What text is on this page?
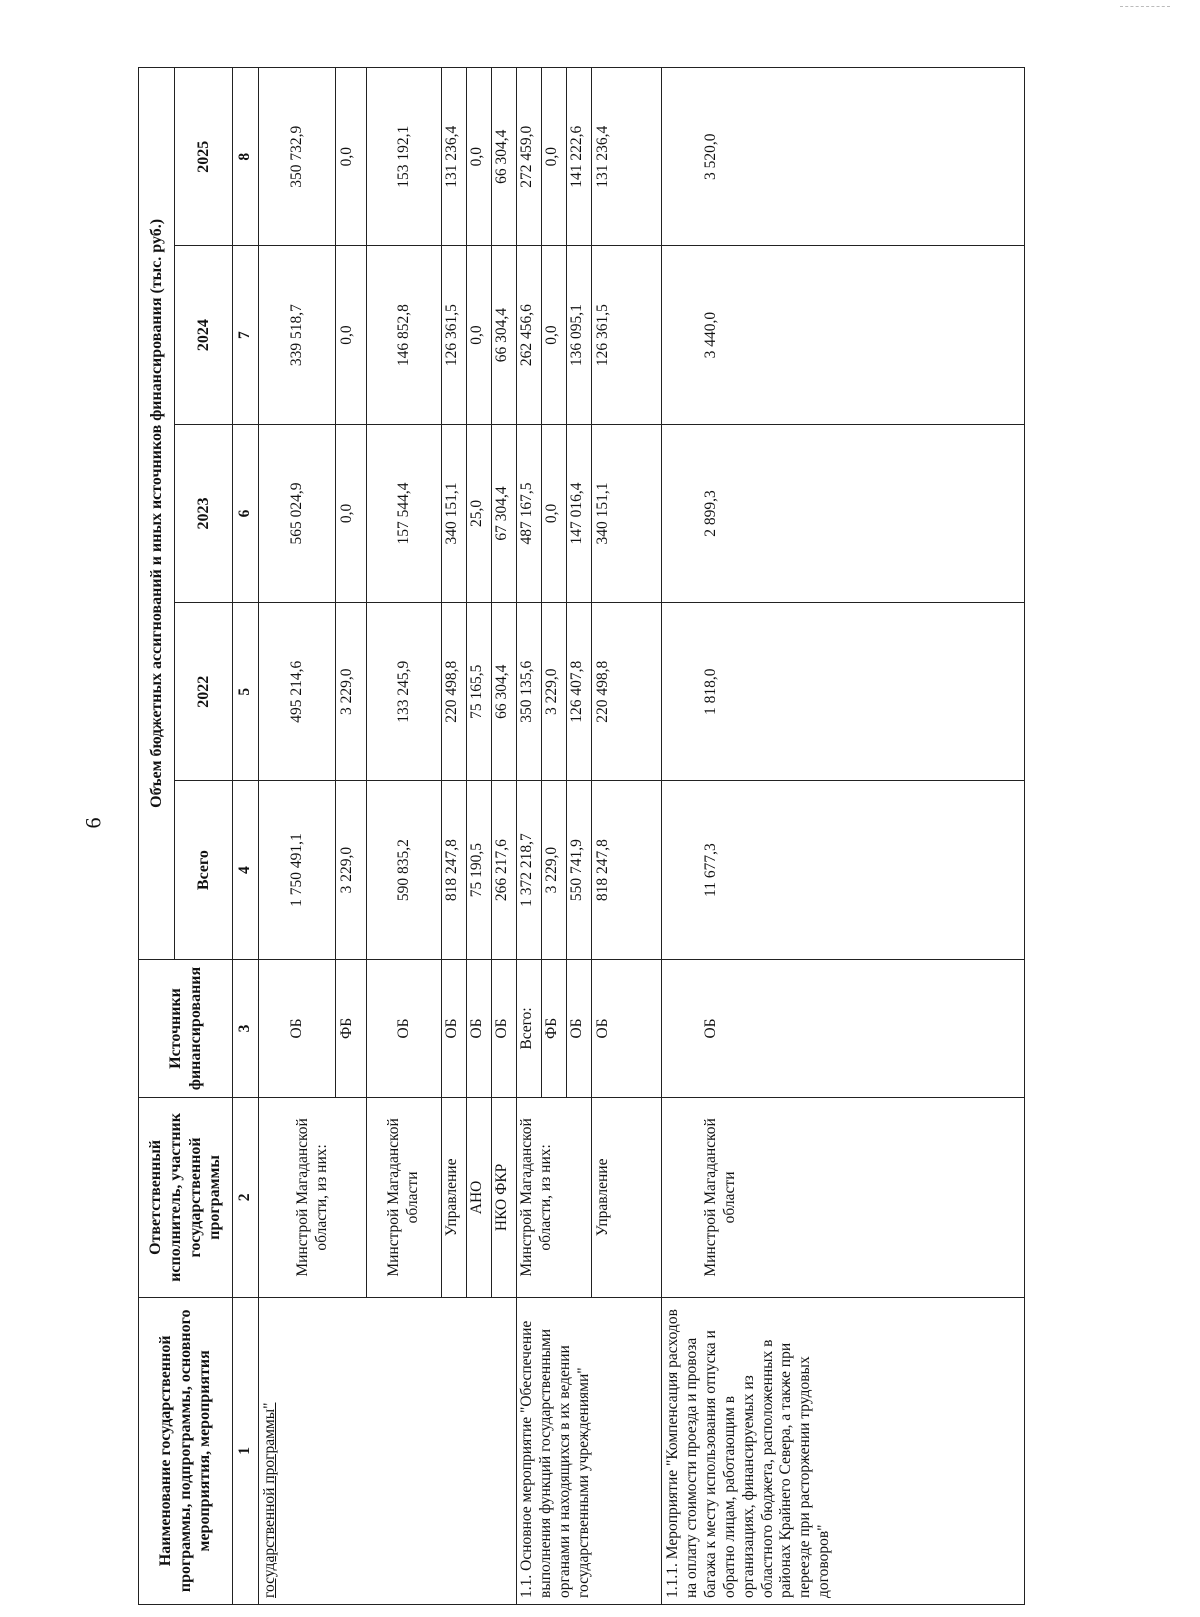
6
Наименование государственной программы, подпрограммы, основного мероприятия, мероприятия	Ответственный исполнитель, участник государственной программы	Источники финансирования	Объем бюджетных ассигнований и иных источников финансирования (тыс. руб.)				
			Всего	2022	2023	2024	2025
1	2	3	4	5	6	7	8
государственной программы"	Минстрой Магаданской области, из них:	ОБ	1 750 491,1	495 214,6	565 024,9	339 518,7	350 732,9
		ФБ	3 229,0	3 229,0	0,0	0,0	0,0
	Минстрой Магаданской области	ОБ	590 835,2	133 245,9	157 544,4	146 852,8	153 192,1
	Управление	ОБ	818 247,8	220 498,8	340 151,1	126 361,5	131 236,4
	АНО	ОБ	75 190,5	75 165,5	25,0	0,0	0,0
	НКО ФКР	ОБ	266 217,6	66 304,4	67 304,4	66 304,4	66 304,4
1.1. Основное мероприятие "Обеспечение выполнения функций государственными органами и находящихся в их ведении государственными учреждениями"	Минстрой Магаданской области, из них:	Всего:	1 372 218,7	350 135,6	487 167,5	262 456,6	272 459,0
		ФБ	3 229,0	3 229,0	0,0	0,0	0,0
		ОБ	550 741,9	126 407,8	147 016,4	136 095,1	141 222,6
	Управление	ОБ	818 247,8	220 498,8	340 151,1	126 361,5	131 236,4
1.1.1. Мероприятие "Компенсация расходов на оплату стоимости проезда и провоза багажа к месту использования отпуска и обратно лицам, работающим в организациях, финансируемых из областного бюджета, расположенных в районах Крайнего Севера, а также при переезде при расторжении трудовых договоров"	Минстрой Магаданской области	ОБ	11 677,3	1 818,0	2 899,3	3 440,0	3 520,0
